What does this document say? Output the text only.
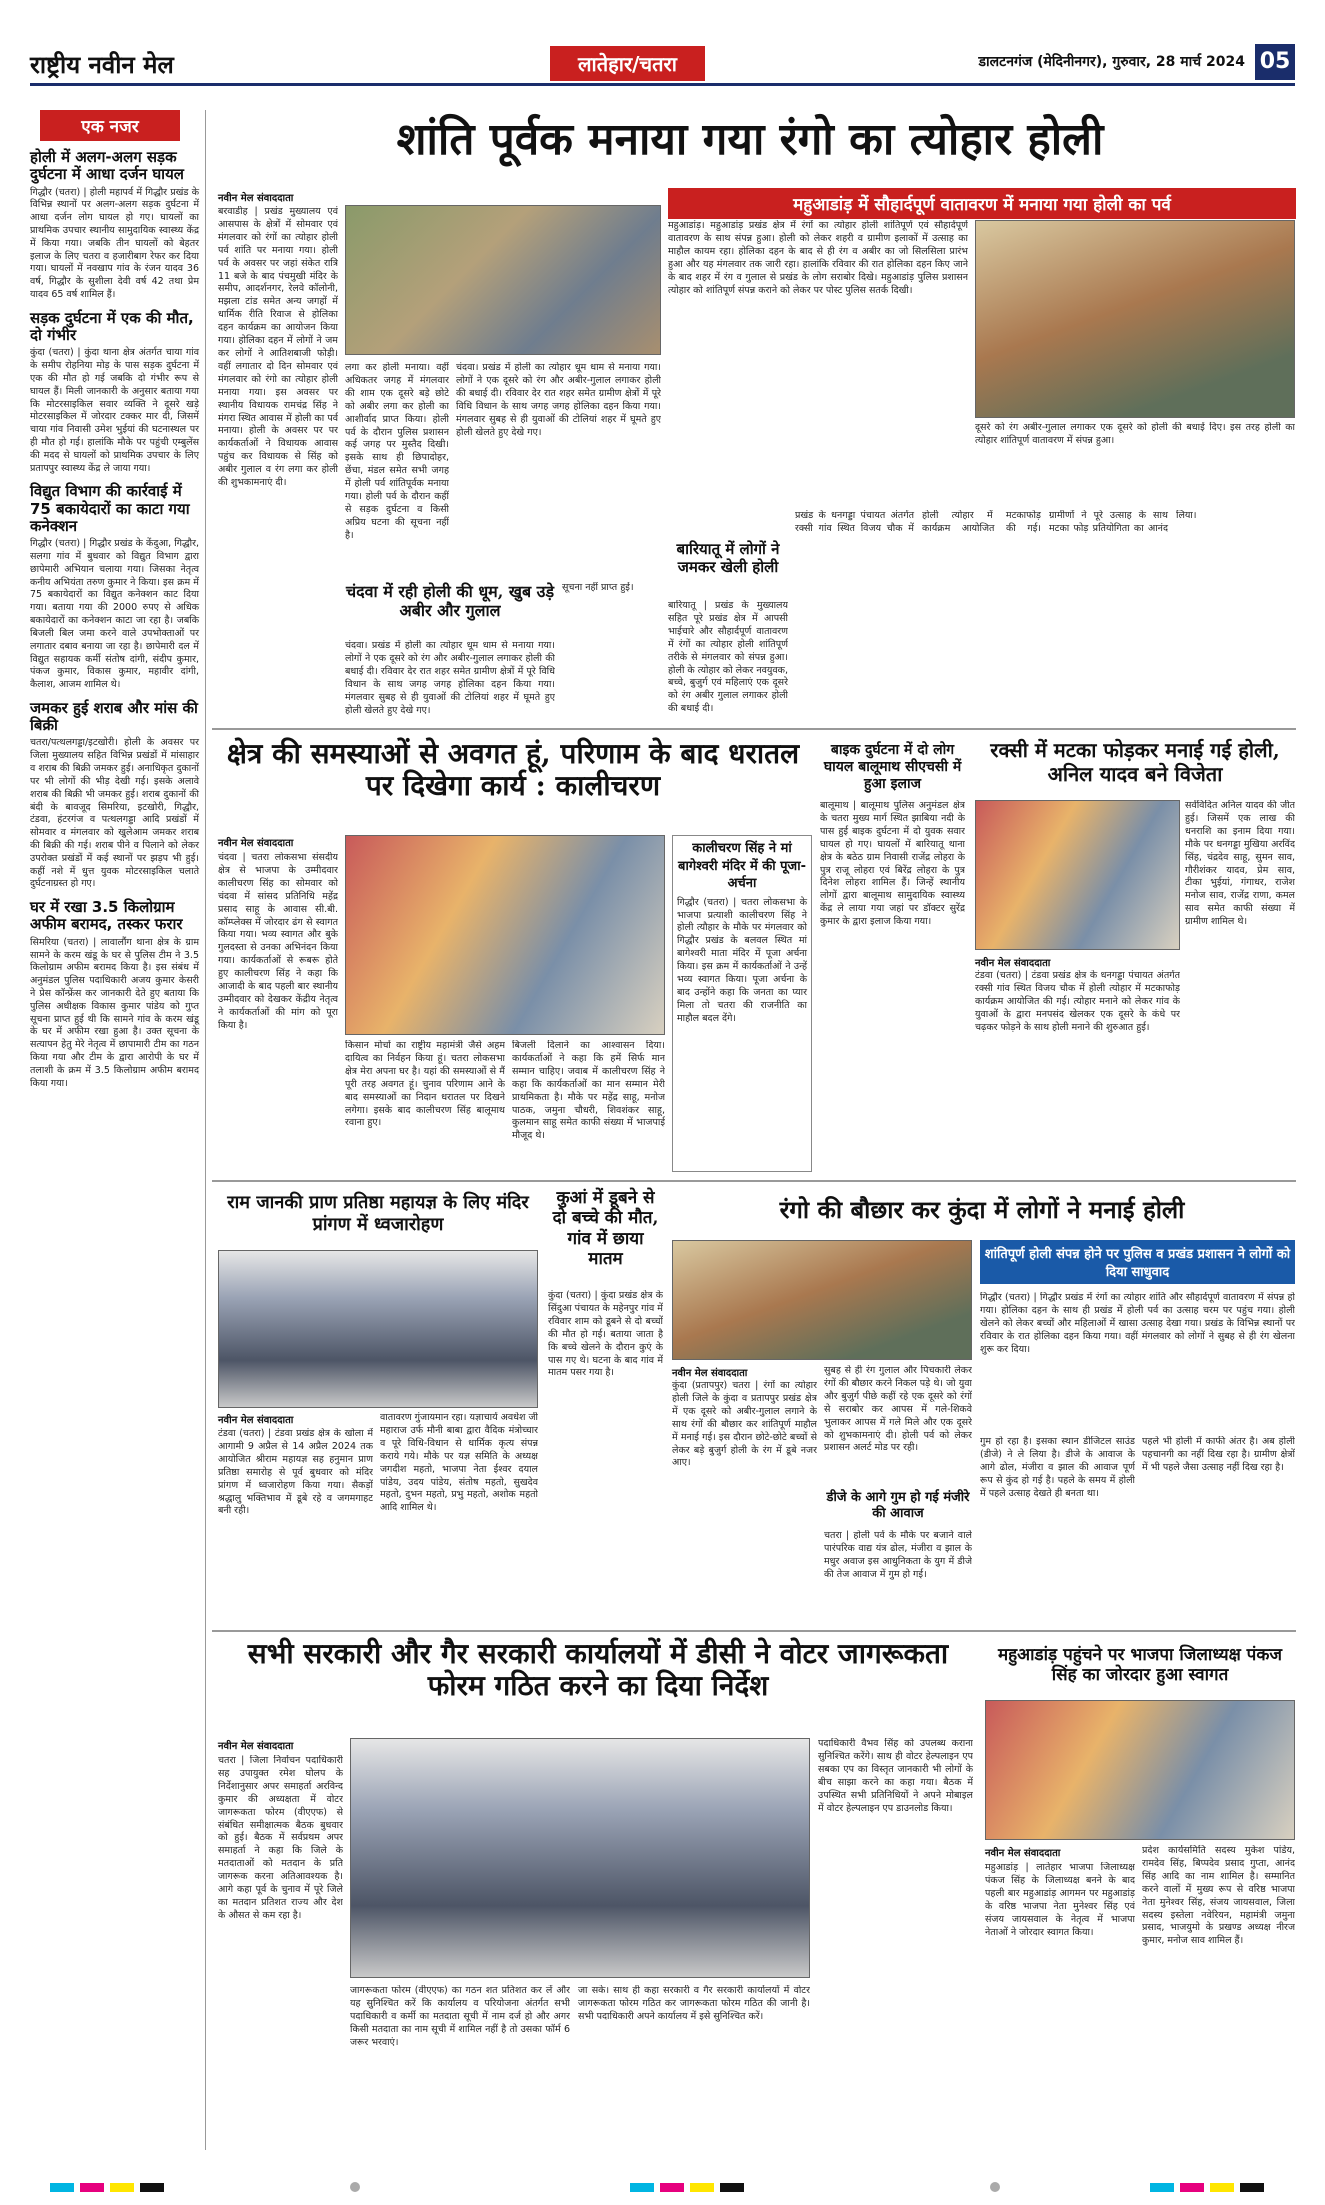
राष्ट्रीय नवीन मेल	लातेहार/चतरा	डालटनगंज (मेदिनीनगर), गुरुवार, 28 मार्च 2024 05
एक नजर
होली में अलग-अलग सड़क दुर्घटना में आधा दर्जन घायल
गिद्धौर (चतरा) | होली महापर्व में गिद्धौर प्रखंड के विभिन्न स्थानों पर अलग-अलग सड़क दुर्घटना में आधा दर्जन लोग घायल हो गए। घायलों का प्राथमिक उपचार स्थानीय सामुदायिक स्वास्थ्य केंद्र में किया गया। जबकि तीन घायलों को बेहतर इलाज के लिए चतरा व हजारीबाग रेफर कर दिया गया। घायलों में नवखाप गांव के रंजन यादव 36 वर्ष, गिद्धौर के सुशीला देवी वर्ष 42 तथा प्रेम यादव 65 वर्ष शामिल हैं।
सड़क दुर्घटना में एक की मौत, दो गंभीर
कुंदा (चतरा) | कुंदा थाना क्षेत्र अंतर्गत चाया गांव के समीप रोहनिया मोड़ के पास सड़क दुर्घटना में एक की मौत हो गई जबकि दो गंभीर रूप से घायल हैं। मिली जानकारी के अनुसार बताया गया कि मोटरसाइकिल सवार व्यक्ति ने दूसरे खड़े मोटरसाइकिल में जोरदार टक्कर मार दी, जिसमें चाया गांव निवासी उमेश भुईयां की घटनास्थल पर ही मौत हो गई। हालांकि मौके पर पहुंची एम्बुलेंस की मदद से घायलों को प्राथमिक उपचार के लिए प्रतापपुर स्वास्थ्य केंद्र ले जाया गया।
विद्युत विभाग की कार्रवाई में 75 बकायेदारों का काटा गया कनेक्शन
गिद्धौर (चतरा) | गिद्धौर प्रखंड के केंदुआ, गिद्धौर, सलगा गांव में बुधवार को विद्युत विभाग द्वारा छापेमारी अभियान चलाया गया। जिसका नेतृत्व कनीय अभियंता तरुण कुमार ने किया। इस क्रम में 75 बकायेदारों का विद्युत कनेक्शन काट दिया गया। बताया गया की 2000 रुपए से अधिक बकायेदारों का कनेक्शन काटा जा रहा है। जबकि बिजली बिल जमा करने वाले उपभोक्ताओं पर लगातार दबाव बनाया जा रहा है। छापेमारी दल में विद्युत सहायक कर्मी संतोष दांगी, संदीप कुमार, पंकज कुमार, विकास कुमार, महावीर दांगी, कैलाश, आजम शामिल थे।
जमकर हुई शराब और मांस की बिक्री
चतरा/पत्थलगड्डा/इटखोरी। होली के अवसर पर जिला मुख्यालय सहित विभिन्न प्रखंडों में मांसाहार व शराब की बिक्री जमकर हुई। अनाधिकृत दुकानों पर भी लोगों की भीड़ देखी गई। इसके अलावे शराब की बिक्री भी जमकर हुई। शराब दुकानों की बंदी के बावजूद सिमरिया, इटखोरी, गिद्धौर, टंडवा, हंटरगंज व पत्थलगड्डा आदि प्रखंडों में सोमवार व मंगलवार को खुलेआम जमकर शराब की बिक्री की गई। शराब पीने व पिलाने को लेकर उपरोक्त प्रखंडों में कई स्थानों पर झड़प भी हुई। कहीं नशे में धुत्त युवक मोटरसाइकिल चलाते दुर्घटनाग्रस्त हो गए।
घर में रखा 3.5 किलोग्राम अफीम बरामद, तस्कर फरार
सिमरिया (चतरा) | लावालौंग थाना क्षेत्र के ग्राम सामने के करम खंडू के घर से पुलिस टीम ने 3.5 किलोग्राम अफीम बरामद किया है। इस संबंध में अनुमंडल पुलिस पदाधिकारी अजय कुमार केसरी ने प्रेस कॉन्फ्रेंस कर जानकारी देते हुए बताया कि पुलिस अधीक्षक विकास कुमार पांडेय को गुप्त सूचना प्राप्त हुई थी कि सामने गांव के करम खंडू के घर में अफीम रखा हुआ है। उक्त सूचना के सत्यापन हेतु मेरे नेतृत्व में छापामारी टीम का गठन किया गया और टीम के द्वारा आरोपी के घर में तलाशी के क्रम में 3.5 किलोग्राम अफीम बरामद किया गया।
शांति पूर्वक मनाया गया रंगो का त्योहार होली
नवीन मेल संवाददाता
बरवाडीह | प्रखंड मुख्यालय एवं आसपास के क्षेत्रों में सोमवार एवं मंगलवार को रंगों का त्योहार होली पर्व शांति पर मनाया गया। होली पर्व के अवसर पर जहां संकेत रात्रि 11 बजे के बाद पंचमुखी मंदिर के समीप, आदर्शनगर, रेलवे कॉलोनी, मझला टांड समेत अन्य जगहों में धार्मिक रीति रिवाज से होलिका दहन कार्यक्रम का आयोजन किया गया। होलिका दहन में लोगों ने जम कर लोगों ने आतिशबाजी फोड़ी। वहीं लगातार दो दिन सोमवार एवं मंगलवार को रंगो का त्योहार होली मनाया गया। इस अवसर पर स्थानीय विधायक रामचंद्र सिंह ने मंगरा स्थित आवास में होली का पर्व मनाया। होली के अवसर पर पर कार्यकर्ताओं ने विधायक आवास पहुंच कर विधायक से सिंह को अबीर गुलाल व रंग लगा कर होली की शुभकामनाएं दी।
लगा कर होली मनाया। वहीं अधिकतर जगह में मंगलवार की शाम एक दूसरे बड़े छोटे को अबीर लगा कर होली का आशीर्वाद प्राप्त किया। होली पर्व के दौरान पुलिस प्रशासन कई जगह पर मुस्तैद दिखी। इसके साथ ही छिपादोहर, छेंचा, मंडल समेत सभी जगह में होली पर्व शांतिपूर्वक मनाया गया। होली पर्व के दौरान कहीं से सड़क दुर्घटना व किसी अप्रिय घटना की सूचना नहीं है।
चंदवा में रही होली की धूम, खुब उड़े अबीर और गुलाल
चंदवा। प्रखंड में होली का त्योहार धूम धाम से मनाया गया। लोगों ने एक दूसरे को रंग और अबीर-गुलाल लगाकर होली की बधाई दी। रविवार देर रात शहर समेत ग्रामीण क्षेत्रों में पूरे विधि विधान के साथ जगह जगह होलिका दहन किया गया। मंगलवार सुबह से ही युवाओं की टोलियां शहर में घूमते हुए होली खेलते हुए देखे गए।
चंदवा। प्रखंड में होली का त्योहार धूम धाम से मनाया गया। लोगों ने एक दूसरे को रंग और अबीर-गुलाल लगाकर होली की बधाई दी। रविवार देर रात शहर समेत ग्रामीण क्षेत्रों में पूरे विधि विधान के साथ जगह जगह होलिका दहन किया गया। मंगलवार सुबह से ही युवाओं की टोलियां शहर में घूमते हुए होली खेलते हुए देखे गए।
सूचना नहीं प्राप्त हुई।
महुआडांड़ में सौहार्दपूर्ण वातावरण में मनाया गया होली का पर्व
महुआडांड़। महुआडांड़ प्रखंड क्षेत्र में रंगों का त्योहार होली शांतिपूर्ण एवं सौहार्दपूर्ण वातावरण के साथ संपन्न हुआ। होली को लेकर शहरी व ग्रामीण इलाकों में उत्साह का माहौल कायम रहा। होलिका दहन के बाद से ही रंग व अबीर का जो सिलसिला प्रारंभ हुआ और यह मंगलवार तक जारी रहा। हालांकि रविवार की रात होलिका दहन किए जाने के बाद शहर में रंग व गुलाल से प्रखंड के लोग सराबोर दिखे। महुआडांड़ पुलिस प्रशासन त्योहार को शांतिपूर्ण संपन्न कराने को लेकर पर पोस्ट पुलिस सतर्क दिखी।
दूसरे को रंग अबीर-गुलाल लगाकर एक दूसरे को होली की बधाई दिए। इस तरह होली का त्योहार शांतिपूर्ण वातावरण में संपन्न हुआ।
बारियातू में लोगों ने जमकर खेली होली
बारियातू | प्रखंड के मुख्यालय सहित पूरे प्रखंड क्षेत्र में आपसी भाईचारे और सौहार्दपूर्ण वातावरण में रंगों का त्योहार होली शांतिपूर्ण तरीके से मंगलवार को संपन्न हुआ। होली के त्योहार को लेकर नवयुवक, बच्चे, बुजुर्ग एवं महिलाएं एक दूसरे को रंग अबीर गुलाल लगाकर होली की बधाई दी।
प्रखंड के धनगड्डा पंचायत अंतर्गत रक्सी गांव स्थित विजय चौक में होली त्योहार में मटकाफोड़ कार्यक्रम आयोजित की गई। ग्रामीणों ने पूरे उत्साह के साथ मटका फोड़ प्रतियोगिता का आनंद लिया।
क्षेत्र की समस्याओं से अवगत हूं, परिणाम के बाद धरातल पर दिखेगा कार्य : कालीचरण
नवीन मेल संवाददाता
चंदवा | चतरा लोकसभा संसदीय क्षेत्र से भाजपा के उम्मीदवार कालीचरण सिंह का सोमवार को चंदवा में सांसद प्रतिनिधि महेंद्र प्रसाद साहू के आवास सी.बी. कॉम्प्लेक्स में जोरदार ढंग से स्वागत किया गया। भव्य स्वागत और बुके गुलदस्ता से उनका अभिनंदन किया गया। कार्यकर्ताओं से रूबरू होते हुए कालीचरण सिंह ने कहा कि आजादी के बाद पहली बार स्थानीय उम्मीदवार को देखकर केंद्रीय नेतृत्व ने कार्यकर्ताओं की मांग को पूरा किया है।
किसान मोर्चा का राष्ट्रीय महामंत्री जैसे अहम दायित्व का निर्वहन किया हूं। चतरा लोकसभा क्षेत्र मेरा अपना घर है। यहां की समस्याओं से मैं पूरी तरह अवगत हूं। चुनाव परिणाम आने के बाद समस्याओं का निदान धरातल पर दिखने लगेगा। इसके बाद कालीचरण सिंह बालूमाथ रवाना हुए।
बिजली दिलाने का आश्वासन दिया। कार्यकर्ताओं ने कहा कि हमें सिर्फ मान सम्मान चाहिए। जवाब में कालीचरण सिंह ने कहा कि कार्यकर्ताओं का मान सम्मान मेरी प्राथमिकता है। मौके पर महेंद्र साहू, मनोज पाठक, जमुना चौधरी, शिवशंकर साहू, कुलमान साहू समेत काफी संख्या में भाजपाई मौजूद थे।
कालीचरण सिंह ने मां बागेश्वरी मंदिर में की पूजा-अर्चना
गिद्धौर (चतरा) | चतरा लोकसभा के भाजपा प्रत्याशी कालीचरण सिंह ने होली त्यौहार के मौके पर मंगलवार को गिद्धौर प्रखंड के बलवल स्थित मां बागेश्वरी माता मंदिर में पूजा अर्चना किया। इस क्रम में कार्यकर्ताओं ने उन्हें भव्य स्वागत किया। पूजा अर्चना के बाद उन्होंने कहा कि जनता का प्यार मिला तो चतरा की राजनीति का माहौल बदल देंगे।
बाइक दुर्घटना में दो लोग घायल बालूमाथ सीएचसी में हुआ इलाज
बालूमाथ | बालूमाथ पुलिस अनुमंडल क्षेत्र के चतरा मुख्य मार्ग स्थित झाबिया नदी के पास हुई बाइक दुर्घटना में दो युवक सवार घायल हो गए। घायलों में बारियातू थाना क्षेत्र के बठेठ ग्राम निवासी राजेंद्र लोहरा के पुत्र राजू लोहरा एवं बिरेंद्र लोहरा के पुत्र दिनेश लोहरा शामिल हैं। जिन्हें स्थानीय लोगों द्वारा बालूमाथ सामुदायिक स्वास्थ्य केंद्र ले लाया गया जहां पर डॉक्टर सुरेंद्र कुमार के द्वारा इलाज किया गया।
रक्सी में मटका फोड़कर मनाई गई होली, अनिल यादव बने विजेता
सर्वविदित अनिल यादव की जीत हुई। जिसमें एक लाख की धनराशि का इनाम दिया गया। मौके पर धनगड्डा मुखिया अरविंद सिंह, चंद्रदेव साहू, सुमन साव, गौरीशंकर यादव, प्रेम साव, टीका भुईयां, गंगाधर, राजेश मनोज साव, राजेंद्र राणा, कमल साव समेत काफी संख्या में ग्रामीण शामिल थे।
नवीन मेल संवाददाता
टंडवा (चतरा) | टंडवा प्रखंड क्षेत्र के धनगड्डा पंचायत अंतर्गत रक्सी गांव स्थित विजय चौक में होली त्योहार में मटकाफोड़ कार्यक्रम आयोजित की गई। त्योहार मनाने को लेकर गांव के युवाओं के द्वारा मनपसंद खेलकर एक दूसरे के कंधे पर चढ़कर फोड़ने के साथ होली मनाने की शुरुआत हुई।
राम जानकी प्राण प्रतिष्ठा महायज्ञ के लिए मंदिर प्रांगण में ध्वजारोहण
नवीन मेल संवाददाता
टंडवा (चतरा) | टंडवा प्रखंड क्षेत्र के खोला में आगामी 9 अप्रैल से 14 अप्रैल 2024 तक आयोजित श्रीराम महायज्ञ सह हनुमान प्राण प्रतिष्ठा समारोह से पूर्व बुधवार को मंदिर प्रांगण में ध्वजारोहण किया गया। सैकड़ों श्रद्धालु भक्तिभाव में डूबे रहे व जगमगाहट बनी रही।
वातावरण गुंजायमान रहा। यज्ञाचार्य अवधेश जी महाराज उर्फ मौनी बाबा द्वारा वैदिक मंत्रोच्चार व पूरे विधि-विधान से धार्मिक कृत्य संपन्न कराये गये। मौके पर यज्ञ समिति के अध्यक्ष जगदीश महतो, भाजपा नेता ईश्वर दयाल पांडेय, उदय पांडेय, संतोष महतो, सुखदेव महतो, दुभन महतो, प्रभु महतो, अशोक महतो आदि शामिल थे।
कुआं में डूबने से दो बच्चे की मौत, गांव में छाया मातम
कुंदा (चतरा) | कुंदा प्रखंड क्षेत्र के सिंदुआ पंचायत के महेनपुर गांव में रविवार शाम को डूबने से दो बच्चों की मौत हो गई। बताया जाता है कि बच्चे खेलने के दौरान कुएं के पास गए थे। घटना के बाद गांव में मातम पसर गया है।
रंगो की बौछार कर कुंदा में लोगों ने मनाई होली
नवीन मेल संवाददाता
कुंदा (प्रतापपुर) चतरा | रंगों का त्योहार होली जिले के कुंदा व प्रतापपुर प्रखंड क्षेत्र में एक दूसरे को अबीर-गुलाल लगाने के साथ रंगों की बौछार कर शांतिपूर्ण माहौल में मनाई गई। इस दौरान छोटे-छोटे बच्चों से लेकर बड़े बुजुर्ग होली के रंग में डूबे नजर आए।
सुबह से ही रंग गुलाल और पिचकारी लेकर रंगों की बौछार करने निकल पड़े थे। जो युवा और बुजुर्ग पीछे कहीं रहे एक दूसरे को रंगों से सराबोर कर आपस में गले-शिकवे भुलाकर आपस में गले मिले और एक दूसरे को शुभकामनाएं दी। होली पर्व को लेकर प्रशासन अलर्ट मोड पर रही।
डीजे के आगे गुम हो गई मंजीरे की आवाज
चतरा | होली पर्व के मौके पर बजाने वाले पारंपरिक वाद्य यंत्र ढोल, मंजीरा व झाल के मधुर अवाज इस आधुनिकता के युग में डीजे की तेज आवाज में गुम हो गई।
शांतिपूर्ण होली संपन्न होने पर पुलिस व प्रखंड प्रशासन ने लोगों को दिया साधुवाद
गिद्धौर (चतरा) | गिद्धौर प्रखंड में रंगों का त्योहार शांति और सौहार्दपूर्ण वातावरण में संपन्न हो गया। होलिका दहन के साथ ही प्रखंड में होली पर्व का उत्साह चरम पर पहुंच गया। होली खेलने को लेकर बच्चों और महिलाओं में खासा उत्साह देखा गया। प्रखंड के विभिन्न स्थानों पर रविवार के रात होलिका दहन किया गया। वहीं मंगलवार को लोगों ने सुबह से ही रंग खेलना शुरू कर दिया।
गुम हो रहा है। इसका स्थान डीजिटल साउंड (डीजे) ने ले लिया है। डीजे के आवाज के आगे ढोल, मंजीरा व झाल की आवाज पूर्ण रूप से कुंद हो गई है। पहले के समय में होली में पहले उत्साह देखते ही बनता था।
पहले भी होली में काफी अंतर है। अब होली पहचानगी का नहीं दिख रहा है। ग्रामीण क्षेत्रों में भी पहले जैसा उत्साह नहीं दिख रहा है।
सभी सरकारी और गैर सरकारी कार्यालयों में डीसी ने वोटर जागरूकता फोरम गठित करने का दिया निर्देश
नवीन मेल संवाददाता
चतरा | जिला निर्वाचन पदाधिकारी सह उपायुक्त रमेश घोलप के निर्देशानुसार अपर समाहर्ता अरविन्द कुमार की अध्यक्षता में वोटर जागरूकता फोरम (वीएएफ) से संबंधित समीक्षात्मक बैठक बुधवार को हुई। बैठक में सर्वप्रथम अपर समाहर्ता ने कहा कि जिले के मतदाताओं को मतदान के प्रति जागरूक करना अतिआवश्यक है। आगे कहा पूर्व के चुनाव में पूरे जिले का मतदान प्रतिशत राज्य और देश के औसत से कम रहा है।
जागरूकता फोरम (वीएएफ) का गठन शत प्रतिशत कर लें और यह सुनिश्चित करें कि कार्यालय व परियोजना अंतर्गत सभी पदाधिकारी व कर्मी का मतदाता सूची में नाम दर्ज हो और अगर किसी मतदाता का नाम सूची में शामिल नहीं है तो उसका फॉर्म 6 जरूर भरवाएं।
जा सके। साथ ही कहा सरकारी व गैर सरकारी कार्यालयों में वोटर जागरूकता फोरम गठित कर जागरूकता फोरम गठित की जानी है। सभी पदाधिकारी अपने कार्यालय में इसे सुनिश्चित करें।
पदाधिकारी वैभव सिंह को उपलब्ध कराना सुनिश्चित करेंगे। साथ ही वोटर हेल्पलाइन एप सबका एप का विस्तृत जानकारी भी लोगों के बीच साझा करने का कहा गया। बैठक में उपस्थित सभी प्रतिनिधियों ने अपने मोबाइल में वोटर हेल्पलाइन एप डाउनलोड किया।
महुआडांड़ पहुंचने पर भाजपा जिलाध्यक्ष पंकज सिंह का जोरदार हुआ स्वागत
नवीन मेल संवाददाता
महुआडांड़ | लातेहार भाजपा जिलाध्यक्ष पंकज सिंह के जिलाध्यक्ष बनने के बाद पहली बार महुआडांड़ आगमन पर महुआडांड़ के वरिष्ठ भाजपा नेता मुनेश्वर सिंह एवं संजय जायसवाल के नेतृत्व में भाजपा नेताओं ने जोरदार स्वागत किया।
प्रदेश कार्यसमिति सदस्य मुकेश पांडेय, रामदेव सिंह, बिप्पदेव प्रसाद गुप्ता, आनंद सिंह आदि का नाम शामिल है। सम्मानित करने वालों में मुख्य रूप से वरिष्ठ भाजपा नेता मुनेश्वर सिंह, संजय जायसवाल, जिला सदस्य इस्तेला नवेरियन, महामंत्री जमुना प्रसाद, भाजयुमो के प्रखण्ड अध्यक्ष नीरज कुमार, मनोज साव शामिल हैं।
